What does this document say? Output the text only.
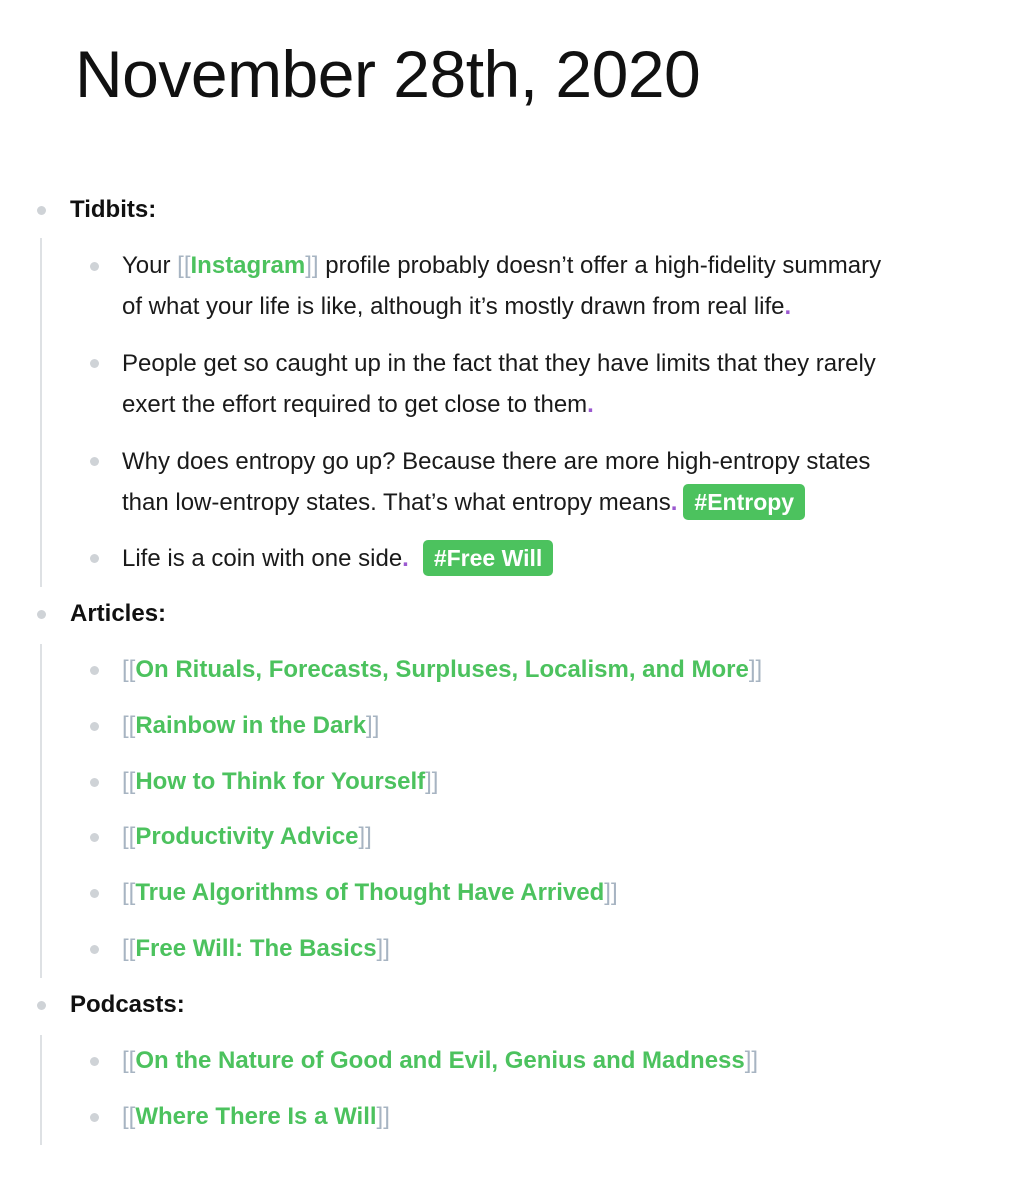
November 28th, 2020
Tidbits:
Your [[Instagram]] profile probably doesn’t offer a high-fidelity summary
of what your life is like, although it’s mostly drawn from real life.
People get so caught up in the fact that they have limits that they rarely
exert the effort required to get close to them.
Why does entropy go up? Because there are more high-entropy states
than low-entropy states. That’s what entropy means. #Entropy
Life is a coin with one side. #Free Will
Articles:
[[On Rituals, Forecasts, Surpluses, Localism, and More]]
[[Rainbow in the Dark]]
[[How to Think for Yourself]]
[[Productivity Advice]]
[[True Algorithms of Thought Have Arrived]]
[[Free Will: The Basics]]
Podcasts:
[[On the Nature of Good and Evil, Genius and Madness]]
[[Where There Is a Will]]
